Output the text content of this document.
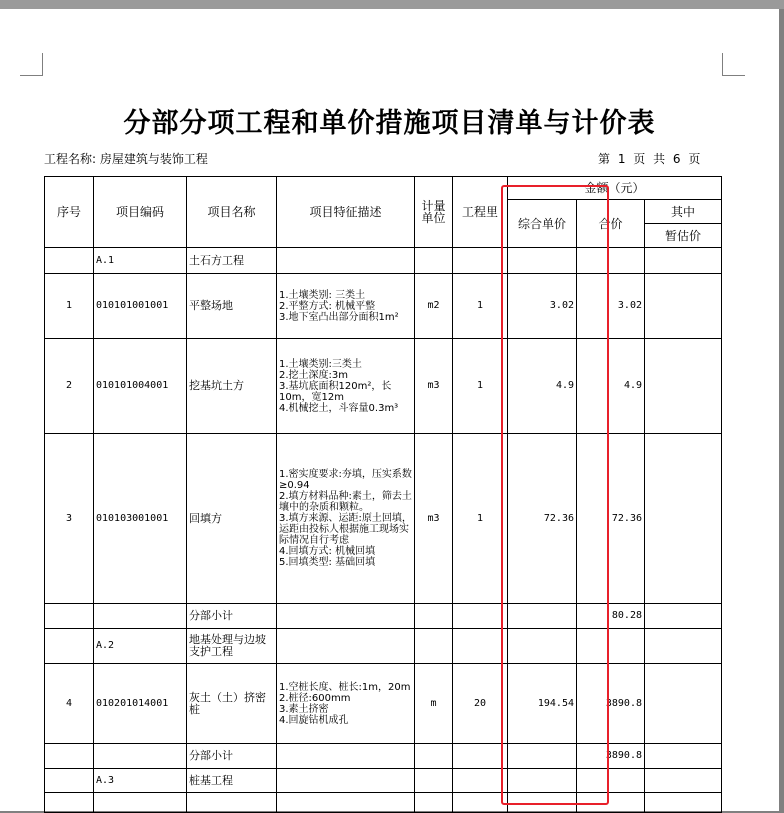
分部分项工程和单价措施项目清单与计价表
工程名称: 房屋建筑与装饰工程	第 1 页 共 6 页
序号	项目编码	项目名称	项目特征描述	计量单位	工程里	金额（元）		
						综合单价	合价	其中
								暂估价
	A.1	土石方工程						
1	010101001001	平整场地	1.土壤类别: 三类土
2.平整方式: 机械平整
3.地下室凸出部分面积1m²	m2	1	3.02	3.02	
2	010101004001	挖基坑土方	1.土壤类别:三类土
2.挖土深度:3m
3.基坑底面积120m²，长10m，宽12m
4.机械挖土，斗容量0.3m³	m3	1	4.9	4.9	
3	010103001001	回填方	1.密实度要求:夯填，压实系数≥0.94
2.填方材料品种:素土，筛去土壤中的杂质和颗粒。
3.填方来源、运距:原土回填，运距由投标人根据施工现场实际情况自行考虑
4.回填方式: 机械回填
5.回填类型: 基础回填	m3	1	72.36	72.36	
		分部小计					80.28	
	A.2	地基处理与边坡支护工程						
4	010201014001	灰土（土）挤密桩	1.空桩长度、桩长:1m，20m
2.桩径:600mm
3.素土挤密
4.回旋钻机成孔	m	20	194.54	3890.8	
		分部小计					3890.8	
	A.3	桩基工程						
